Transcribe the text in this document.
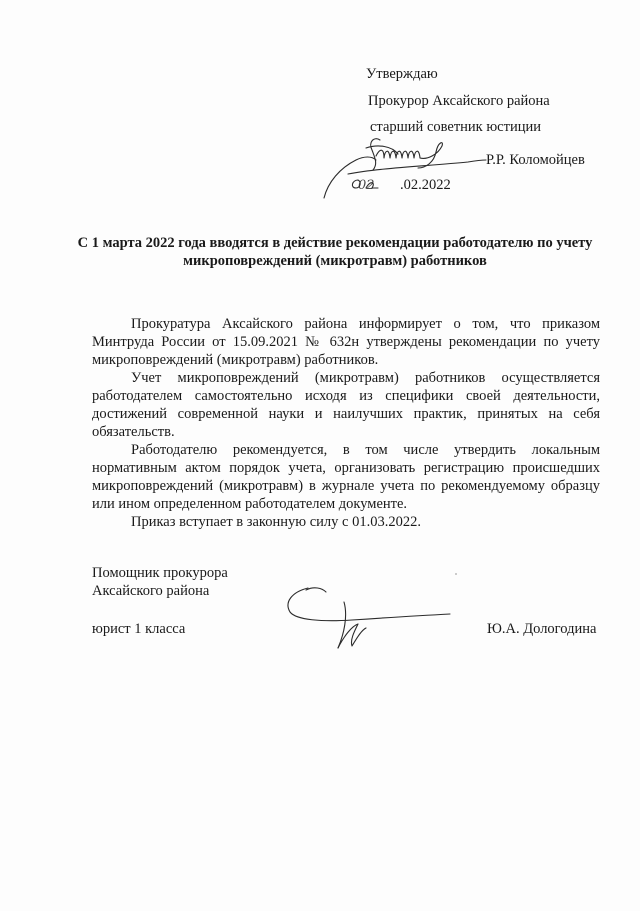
Утверждаю
Прокурор Аксайского района
старший советник юстиции
Р.Р. Коломойцев
.02.2022
02
С 1 марта 2022 года вводятся в действие рекомендации работодателю по учету микроповреждений (микротравм) работников

Прокуратура Аксайского района информирует о том, что приказом Минтруда России от 15.09.2021 № 632н утверждены рекомендации по учету микроповреждений (микротравм) работников.

Учет микроповреждений (микротравм) работников осуществляется работодателем самостоятельно исходя из специфики своей деятельности, достижений современной науки и наилучших практик, принятых на себя обязательств.

Работодателю рекомендуется, в том числе утвердить локальным нормативным актом порядок учета, организовать регистрацию происшедших микроповреждений (микротравм) в журнале учета по рекомендуемому образцу или ином определенном работодателем документе.

Приказ вступает в законную силу с 01.03.2022.

Помощник прокурора
Аксайского района
юрист 1 класса	Ю.А. Дологодина
